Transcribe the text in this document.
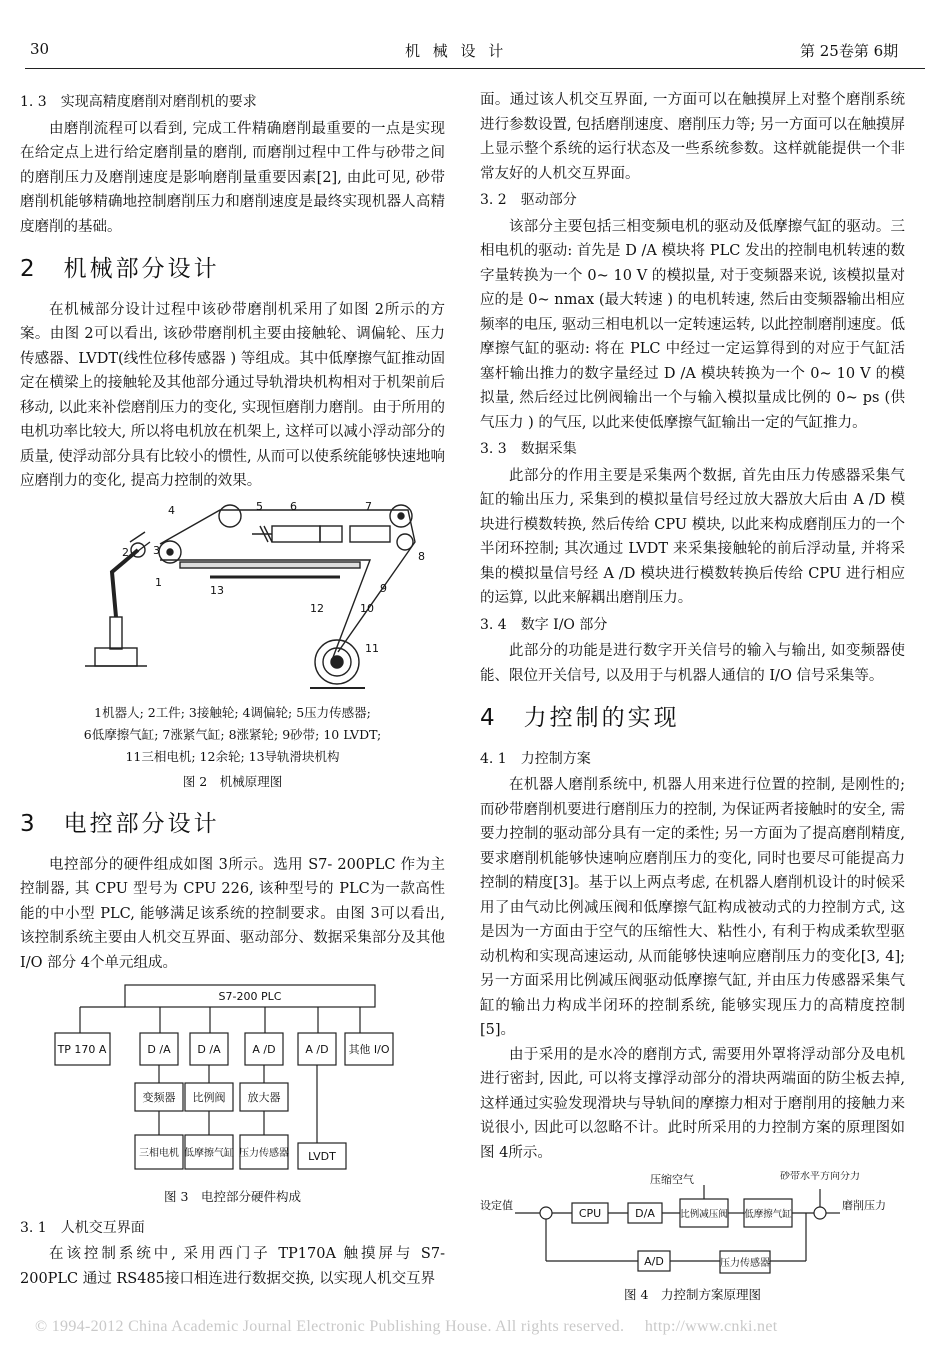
30	机 械 设 计	第 25卷第 6期
1. 3　实现高精度磨削对磨削机的要求

由磨削流程可以看到, 完成工件精确磨削最重要的一点是实现在给定点上进行给定磨削量的磨削, 而磨削过程中工件与砂带之间的磨削压力及磨削速度是影响磨削量重要因素[2], 由此可见, 砂带磨削机能够精确地控制磨削压力和磨削速度是最终实现机器人高精度磨削的基础。

2　机械部分设计

在机械部分设计过程中该砂带磨削机采用了如图 2所示的方案。由图 2可以看出, 该砂带磨削机主要由接触轮、调偏轮、压力传感器、LVDT(线性位移传感器 ) 等组成。其中低摩擦气缸推动固定在横梁上的接触轮及其他部分通过导轨滑块机构相对于机架前后移动, 以此来补偿磨削压力的变化, 实现恒磨削力磨削。由于所用的电机功率比较大, 所以将电机放在机架上, 这样可以减小浮动部分的质量, 使浮动部分具有比较小的惯性, 从而可以使系统能够快速地响应磨削力的变化, 提高力控制的效果。

4	5 6	7
1
2 3	8
9
10
11
12
13
1机器人; 2工件; 3接触轮; 4调偏轮; 5压力传感器;
6低摩擦气缸; 7涨紧气缸; 8涨紧轮; 9砂带; 10 LVDT;
11三相电机; 12余轮; 13导轨滑块机构
图 2　机械原理图
3　电控部分设计

电控部分的硬件组成如图 3所示。选用 S7- 200PLC 作为主控制器, 其 CPU 型号为 CPU 226, 该种型号的 PLC为一款高性能的中小型 PLC, 能够满足该系统的控制要求。由图 3可以看出, 该控制系统主要由人机交互界面、驱动部分、数据采集部分及其他 I/O 部分 4个单元组成。

S7-200 PLC
TP 170 A	D /A D /A	A /D	A /D 其他 I/O
变频器 比例阀 放大器
三相电机 低摩擦气缸 压力传感器 LVDT
图 3　电控部分硬件构成
3. 1　人机交互界面

在该控制系统中, 采用西门子 TP170A 触摸屏与 S7- 200PLC 通过 RS485接口相连进行数据交换, 以实现人机交互界

面。通过该人机交互界面, 一方面可以在触摸屏上对整个磨削系统进行参数设置, 包括磨削速度、磨削压力等; 另一方面可以在触摸屏上显示整个系统的运行状态及一些系统参数。这样就能提供一个非常友好的人机交互界面。

3. 2　驱动部分

该部分主要包括三相变频电机的驱动及低摩擦气缸的驱动。三相电机的驱动: 首先是 D /A 模块将 PLC 发出的控制电机转速的数字量转换为一个 0~ 10 V 的模拟量, 对于变频器来说, 该模拟量对应的是 0~ nmax (最大转速 ) 的电机转速, 然后由变频器输出相应频率的电压, 驱动三相电机以一定转速运转, 以此控制磨削速度。低摩擦气缸的驱动: 将在 PLC 中经过一定运算得到的对应于气缸活塞杆输出推力的数字量经过 D /A 模块转换为一个 0~ 10 V 的模拟量, 然后经过比例阀输出一个与输入模拟量成比例的 0~ ps (供气压力 ) 的气压, 以此来使低摩擦气缸输出一定的气缸推力。

3. 3　数据采集

此部分的作用主要是采集两个数据, 首先由压力传感器采集气缸的输出压力, 采集到的模拟量信号经过放大器放大后由 A /D 模块进行模数转换, 然后传给 CPU 模块, 以此来构成磨削压力的一个半闭环控制; 其次通过 LVDT 来采集接触轮的前后浮动量, 并将采集的模拟量信号经 A /D 模块进行模数转换后传给 CPU 进行相应的运算, 以此来解耦出磨削压力。

3. 4　数字 I/O 部分

此部分的功能是进行数字开关信号的输入与输出, 如变频器使能、限位开关信号, 以及用于与机器人通信的 I/O 信号采集等。

4　力控制的实现
4. 1　力控制方案

在机器人磨削系统中, 机器人用来进行位置的控制, 是刚性的; 而砂带磨削机要进行磨削压力的控制, 为保证两者接触时的安全, 需要力控制的驱动部分具有一定的柔性; 另一方面为了提高磨削精度, 要求磨削机能够快速响应磨削压力的变化, 同时也要尽可能提高力控制的精度[3]。基于以上两点考虑, 在机器人磨削机设计的时候采用了由气动比例减压阀和低摩擦气缸构成被动式的力控制方式, 这是因为一方面由于空气的压缩性大、粘性小, 有利于构成柔软型驱动机构和实现高速运动, 从而能够快速响应磨削压力的变化[3, 4]; 另一方面采用比例减压阀驱动低摩擦气缸, 并由压力传感器采集气缸的输出力构成半闭环的控制系统, 能够实现压力的高精度控制[5]。

由于采用的是水冷的磨削方式, 需要用外罩将浮动部分及电机进行密封, 因此, 可以将支撑浮动部分的滑块两端面的防尘板去掉, 这样通过实验发现滑块与导轨间的摩擦力相对于磨削用的接触力来说很小, 因此可以忽略不计。此时所采用的力控制方案的原理图如图 4所示。

设定值
压缩空气	砂带水平方向分力
磨削压力
CPU	D/A	比例减压阀 低摩擦气缸
A/D	压力传感器
图 4　力控制方案原理图
© 1994-2012 China Academic Journal Electronic Publishing House. All rights reserved.　 http://www.cnki.net
